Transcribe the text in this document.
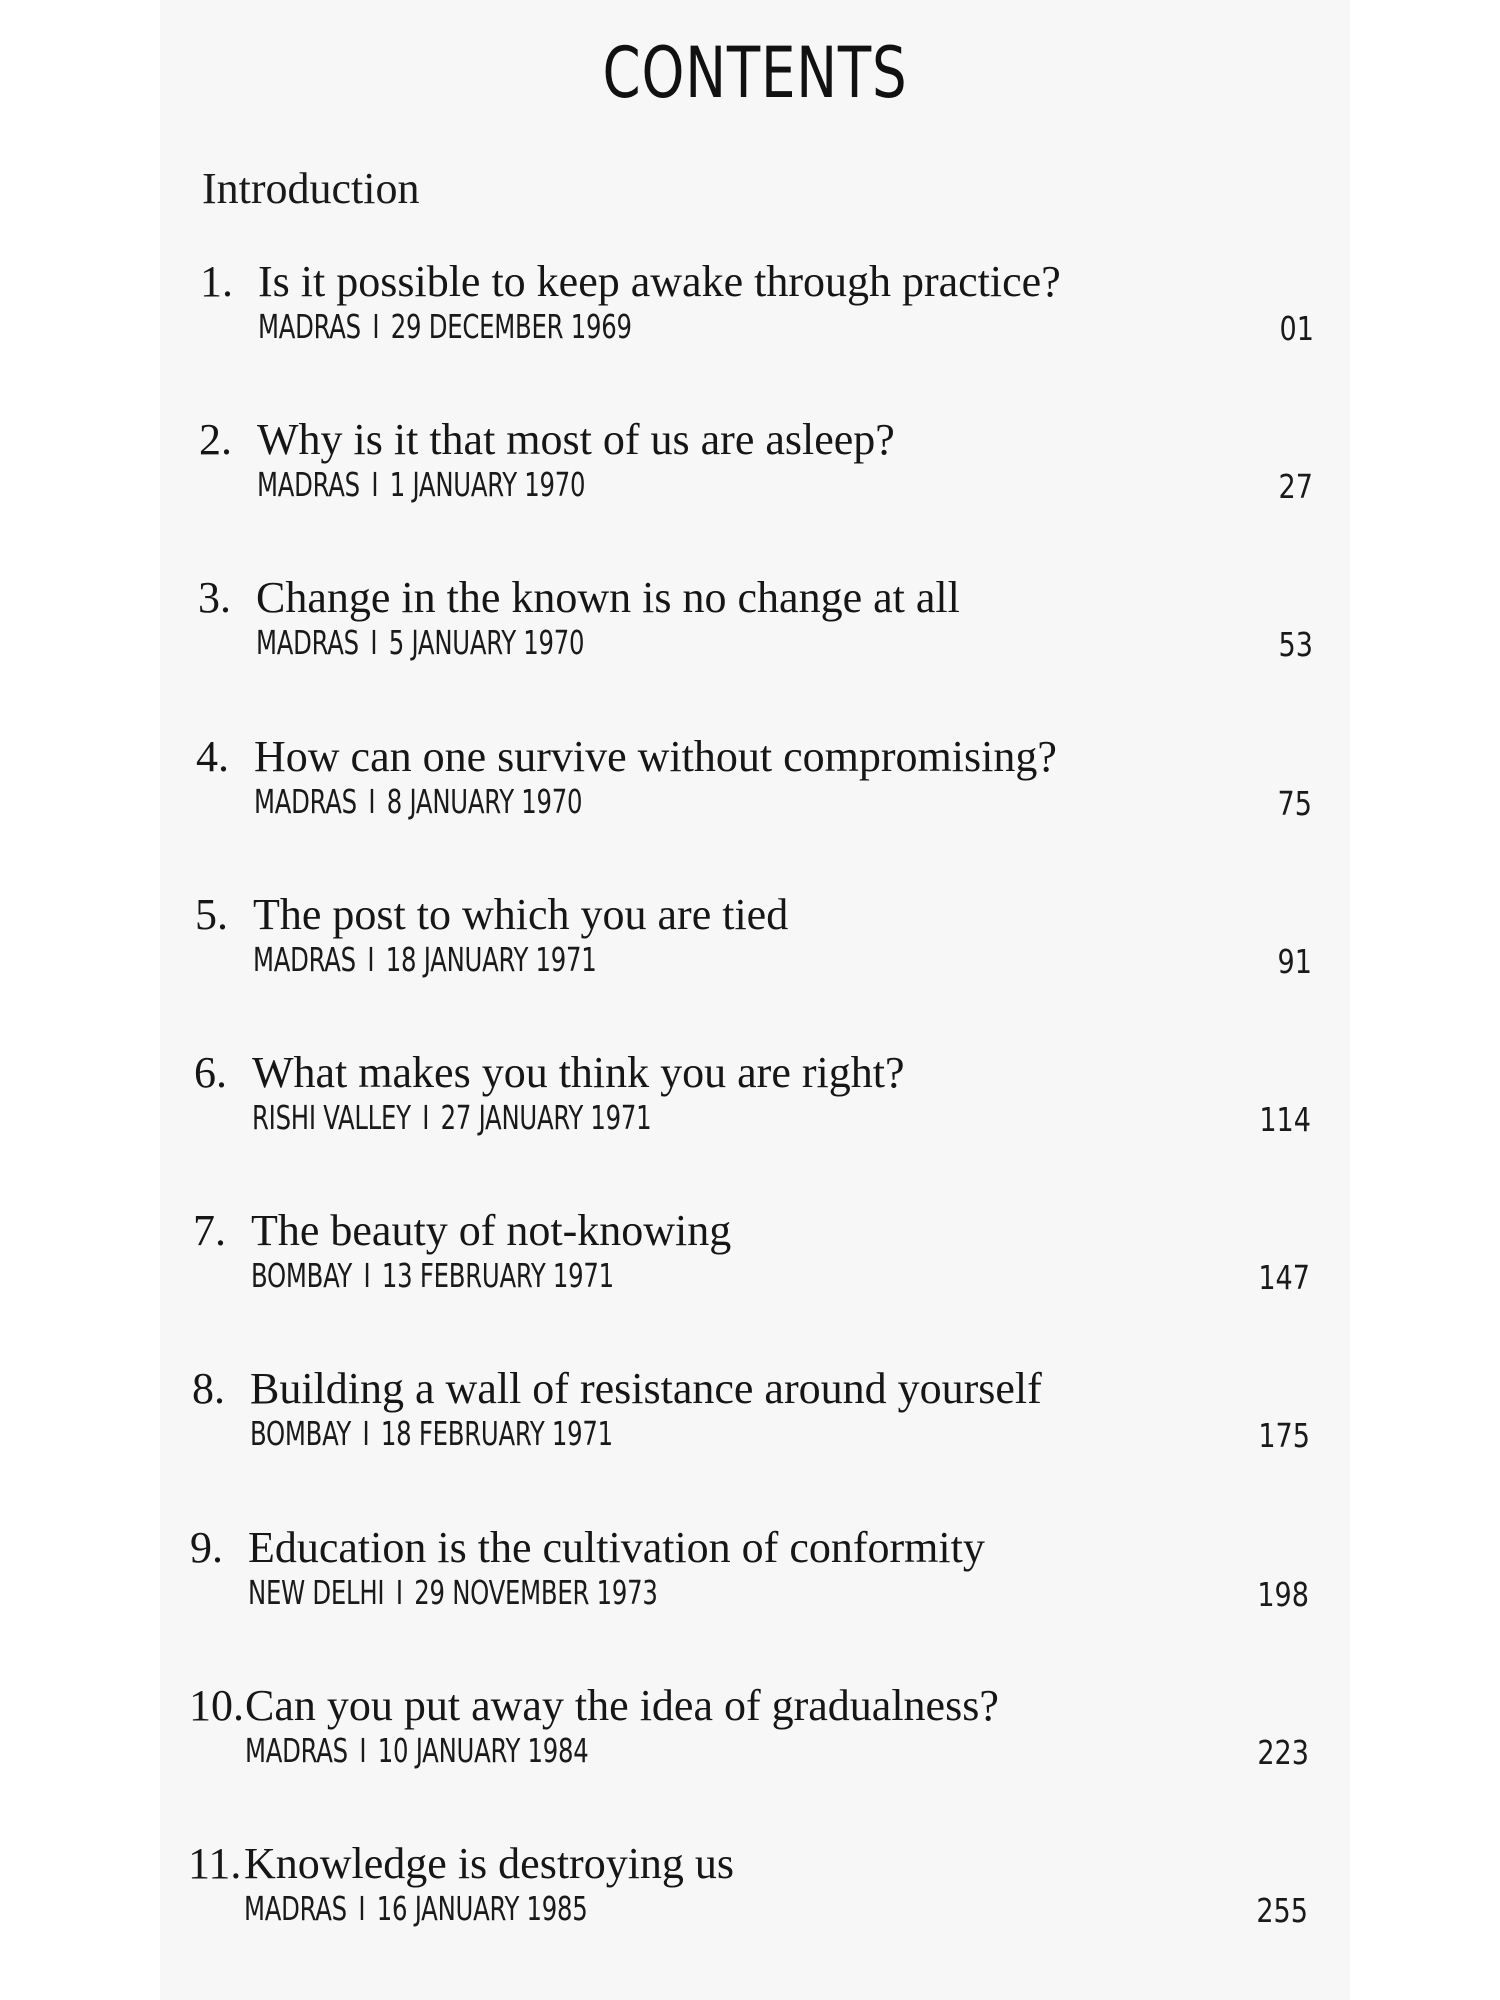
CONTENTS
Introduction
1. Is it possible to keep awake through practice?
MADRAS I 29 DECEMBER 1969	01
2. Why is it that most of us are asleep?
MADRAS I 1 JANUARY 1970	27
3. Change in the known is no change at all
MADRAS I 5 JANUARY 1970	53
4. How can one survive without compromising?
MADRAS I 8 JANUARY 1970	75
5. The post to which you are tied
MADRAS I 18 JANUARY 1971	91
6. What makes you think you are right?
RISHI VALLEY I 27 JANUARY 1971	114
7. The beauty of not-knowing
BOMBAY I 13 FEBRUARY 1971	147
8. Building a wall of resistance around yourself
BOMBAY I 18 FEBRUARY 1971	175
9. Education is the cultivation of conformity
NEW DELHI I 29 NOVEMBER 1973	198
10.Can you put away the idea of gradualness?
MADRAS I 10 JANUARY 1984	223
11.Knowledge is destroying us
MADRAS I 16 JANUARY 1985	255
